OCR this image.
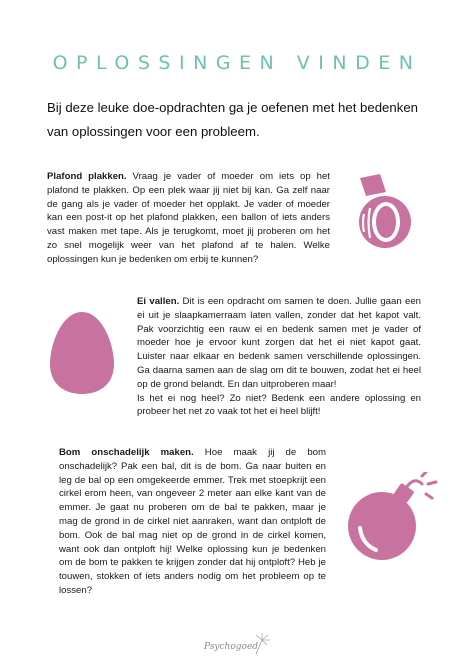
OPLOSSINGEN VINDEN
Bij deze leuke doe-opdrachten ga je oefenen met het bedenken van oplossingen voor een probleem.
Plafond plakken. Vraag je vader of moeder om iets op het plafond te plakken. Op een plek waar jij niet bij kan. Ga zelf naar de gang als je vader of moeder het opplakt. Je vader of moeder kan een post-it op het plafond plakken, een ballon of iets anders vast maken met tape. Als je terugkomt, moet jij proberen om het zo snel mogelijk weer van het plafond af te halen. Welke oplossingen kun je bedenken om erbij te kunnen?
Ei vallen. Dit is een opdracht om samen te doen. Jullie gaan een ei uit je slaapkamerraam laten vallen, zonder dat het kapot valt. Pak voorzichtig een rauw ei en bedenk samen met je vader of moeder hoe je ervoor kunt zorgen dat het ei niet kapot gaat. Luister naar elkaar en bedenk samen verschillende oplossingen. Ga daarna samen aan de slag om dit te bouwen, zodat het ei heel op de grond belandt. En dan uitproberen maar!
Is het ei nog heel? Zo niet? Bedenk een andere oplossing en probeer het net zo vaak tot het ei heel blijft!
Bom onschadelijk maken. Hoe maak jij de bom onschadelijk? Pak een bal, dit is de bom. Ga naar buiten en leg de bal op een omgekeerde emmer. Trek met stoepkrijt een cirkel erom heen, van ongeveer 2 meter aan elke kant van de emmer. Je gaat nu proberen om de bal te pakken, maar je mag de grond in de cirkel niet aanraken, want dan ontploft de bom. Ook de bal mag niet op de grond in de cirkel komen, want ook dan ontploft hij! Welke oplossing kun je bedenken om de bom te pakken te krijgen zonder dat hij ontploft? Heb je touwen, stokken of iets anders nodig om het probleem op te lossen?
Psychogoed
